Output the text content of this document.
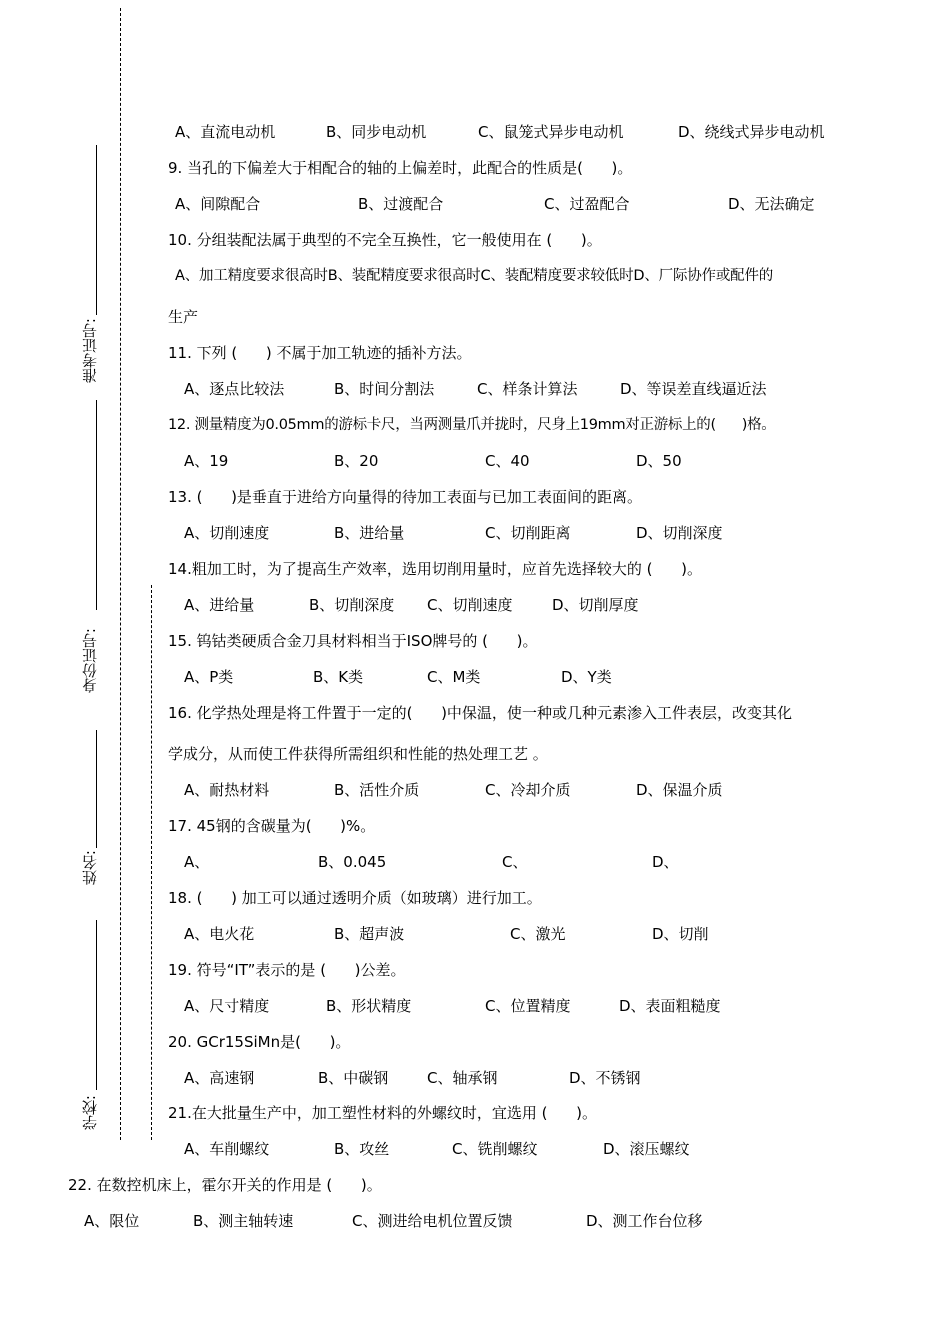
准考证号:
身份证号:
姓名:
学校:
A、直流电动机	B、同步电动机	C、鼠笼式异步电动机	D、绕线式异步电动机
9. 当孔的下偏差大于相配合的轴的上偏差时，此配合的性质是(      )。
A、间隙配合	B、过渡配合	C、过盈配合	D、无法确定
10. 分组装配法属于典型的不完全互换性，它一般使用在 (      )。
A、加工精度要求很高时B、装配精度要求很高时C、装配精度要求较低时D、厂际协作或配件的
生产
11. 下列 (      ) 不属于加工轨迹的插补方法。
A、逐点比较法	B、时间分割法	C、样条计算法	D、等误差直线逼近法
12. 测量精度为0.05mm的游标卡尺，当两测量爪并拢时，尺身上19mm对正游标上的(      )格。
A、19	B、20	C、40	D、50
13. (      )是垂直于进给方向量得的待加工表面与已加工表面间的距离。
A、切削速度	B、进给量	C、切削距离	D、切削深度
14.粗加工时，为了提高生产效率，选用切削用量时，应首先选择较大的 (      )。
A、进给量	B、切削深度 C、切削速度	D、切削厚度
15. 钨钴类硬质合金刀具材料相当于ISO牌号的 (      )。
A、P类	B、K类	C、M类	D、Y类
16. 化学热处理是将工件置于一定的(      )中保温，使一种或几种元素渗入工件表层，改变其化
学成分，从而使工件获得所需组织和性能的热处理工艺 。
A、耐热材料	B、活性介质	C、冷却介质	D、保温介质
17. 45钢的含碳量为(      )%。
A、	B、0.045	C、	D、
18. (      ) 加工可以通过透明介质（如玻璃）进行加工。
A、电火花	B、超声波	C、激光	D、切削
19. 符号“IT”表示的是 (      )公差。
A、尺寸精度	B、形状精度	C、位置精度	D、表面粗糙度
20. GCr15SiMn是(      )。
A、高速钢	B、中碳钢	C、轴承钢	D、不锈钢
21.在大批量生产中，加工塑性材料的外螺纹时，宜选用 (      )。
A、车削螺纹	B、攻丝	C、铣削螺纹	D、滚压螺纹
22. 在数控机床上，霍尔开关的作用是 (      )。
A、限位	B、测主轴转速	C、测进给电机位置反馈	D、测工作台位移
